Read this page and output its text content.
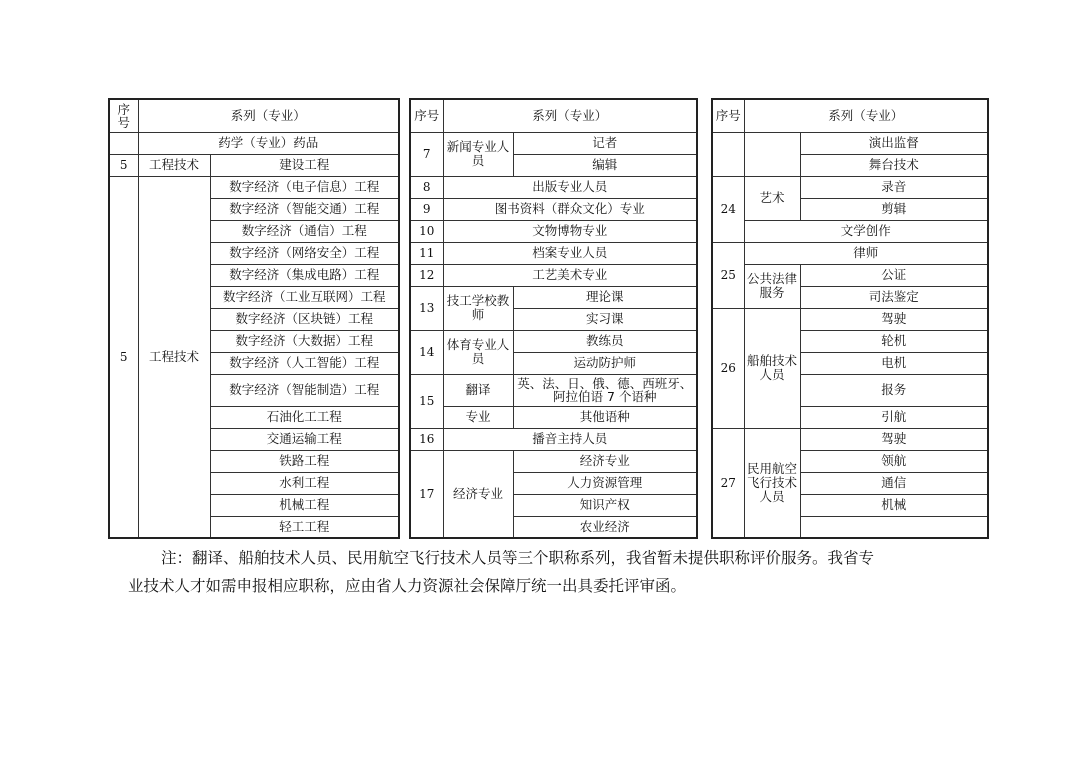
序号	系列（专业）	
	药学（专业）药品	
5	工程技术	建设工程
5	工程技术	数字经济（电子信息）工程
		数字经济（智能交通）工程
		数字经济（通信）工程
		数字经济（网络安全）工程
		数字经济（集成电路）工程
		数字经济（工业互联网）工程
		数字经济（区块链）工程
		数字经济（大数据）工程
		数字经济（人工智能）工程
		数字经济（智能制造）工程
		石油化工工程
		交通运输工程
		铁路工程
		水利工程
		机械工程
		轻工工程
序号	系列（专业）	
7	新闻专业人员	记者
		编辑
8	出版专业人员	
9	图书资料（群众文化）专业	
10	文物博物专业	
11	档案专业人员	
12	工艺美术专业	
13	技工学校教师	理论课
		实习课
14	体育专业人员	教练员
		运动防护师
15	翻译	英、法、日、俄、德、西班牙、阿拉伯语 7 个语种
	专业	其他语种
16	播音主持人员	
17	经济专业	经济专业
		人力资源管理
		知识产权
		农业经济
序号	系列（专业）	
		演出监督
		舞台技术
24	艺术	录音
		剪辑
	文学创作	
25	律师	
	公共法律服务	公证
		司法鉴定
26	船舶技术人员	驾驶
		轮机
		电机
		报务
		引航
27	民用航空飞行技术人员	驾驶
		领航
		通信
		机械

注：翻译、船舶技术人员、民用航空飞行技术人员等三个职称系列，我省暂未提供职称评价服务。我省专
业技术人才如需申报相应职称，应由省人力资源社会保障厅统一出具委托评审函。
